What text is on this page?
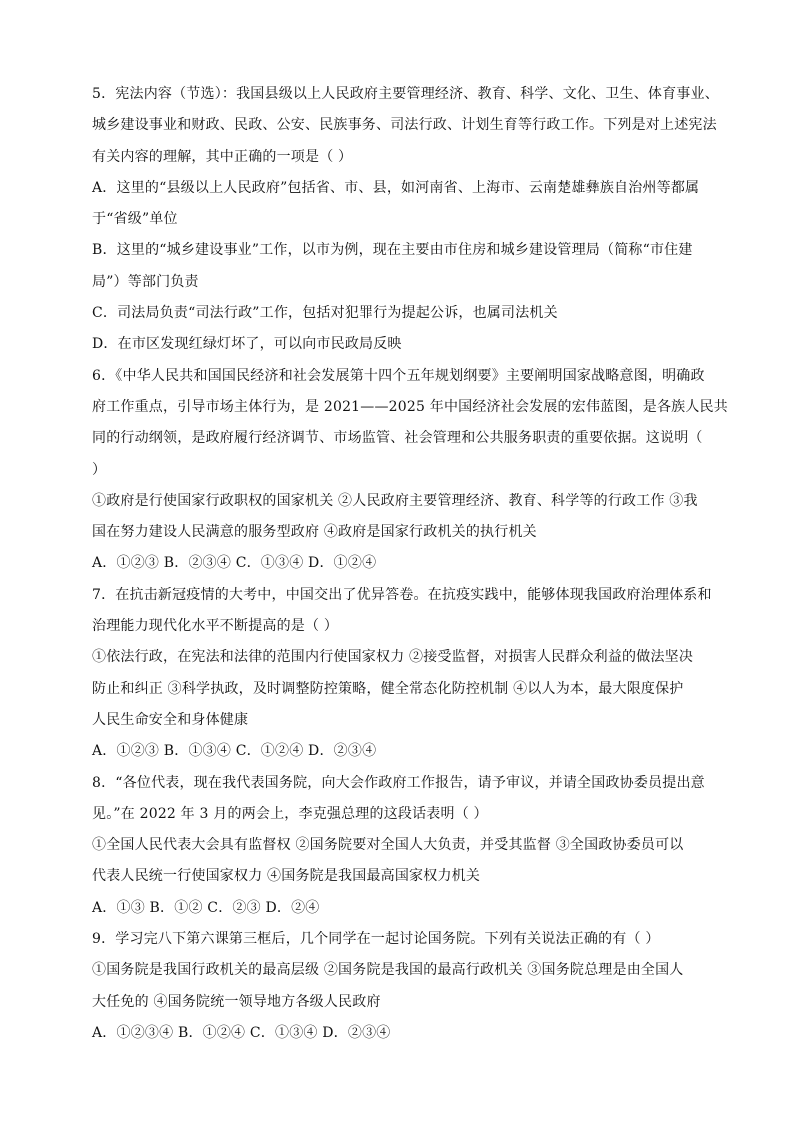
5．宪法内容（节选）：我国县级以上人民政府主要管理经济、教育、科学、文化、卫生、体育事业、
城乡建设事业和财政、民政、公安、民族事务、司法行政、计划生育等行政工作。下列是对上述宪法
有关内容的理解，其中正确的一项是（ ）
A．这里的“县级以上人民政府”包括省、市、县，如河南省、上海市、云南楚雄彝族自治州等都属
于“省级”单位
B．这里的“城乡建设事业”工作，以市为例，现在主要由市住房和城乡建设管理局（简称“市住建
局”）等部门负责
C．司法局负责“司法行政”工作，包括对犯罪行为提起公诉，也属司法机关
D．在市区发现红绿灯坏了，可以向市民政局反映
6．《中华人民共和国国民经济和社会发展第十四个五年规划纲要》主要阐明国家战略意图，明确政
府工作重点，引导市场主体行为，是 2021——2025 年中国经济社会发展的宏伟蓝图，是各族人民共
同的行动纲领，是政府履行经济调节、市场监管、社会管理和公共服务职责的重要依据。这说明（
）
①政府是行使国家行政职权的国家机关 ②人民政府主要管理经济、教育、科学等的行政工作 ③我
国在努力建设人民满意的服务型政府 ④政府是国家行政机关的执行机关
A．①②③ B．②③④ C．①③④ D．①②④
7．在抗击新冠疫情的大考中，中国交出了优异答卷。在抗疫实践中，能够体现我国政府治理体系和
治理能力现代化水平不断提高的是（ ）
①依法行政，在宪法和法律的范围内行使国家权力 ②接受监督，对损害人民群众利益的做法坚决
防止和纠正 ③科学执政，及时调整防控策略，健全常态化防控机制 ④以人为本，最大限度保护
人民生命安全和身体健康
A．①②③ B．①③④ C．①②④ D．②③④
8．“各位代表，现在我代表国务院，向大会作政府工作报告，请予审议，并请全国政协委员提出意
见。”在 2022 年 3 月的两会上，李克强总理的这段话表明（ ）
①全国人民代表大会具有监督权 ②国务院要对全国人大负责，并受其监督 ③全国政协委员可以
代表人民统一行使国家权力 ④国务院是我国最高国家权力机关
A．①③ B．①② C．②③ D．②④
9．学习完八下第六课第三框后，几个同学在一起讨论国务院。下列有关说法正确的有（ ）
①国务院是我国行政机关的最高层级 ②国务院是我国的最高行政机关 ③国务院总理是由全国人
大任免的 ④国务院统一领导地方各级人民政府
A．①②③④ B．①②④ C．①③④ D．②③④
